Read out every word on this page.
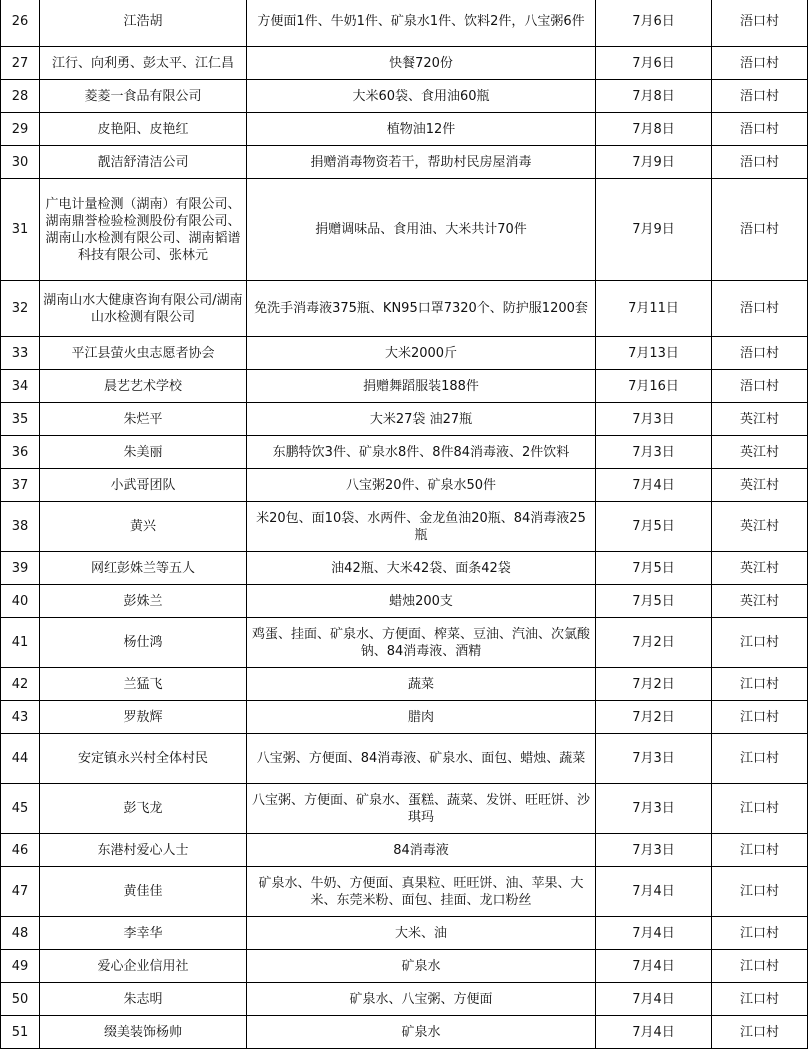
26	江浩胡	方便面1件、牛奶1件、矿泉水1件、饮料2件，八宝粥6件	7月6日	浯口村
27	江行、向利勇、彭太平、江仁昌	快餐720份	7月6日	浯口村
28	菱菱一食品有限公司	大米60袋、食用油60瓶	7月8日	浯口村
29	皮艳阳、皮艳红	植物油12件	7月8日	浯口村
30	靓洁舒清洁公司	捐赠消毒物资若干，帮助村民房屋消毒	7月9日	浯口村
31	广电计量检测（湖南）有限公司、湖南鼎誉检验检测股份有限公司、湖南山水检测有限公司、湖南韬谱科技有限公司、张林元	捐赠调味品、食用油、大米共计70件	7月9日	浯口村
32	湖南山水大健康咨询有限公司/湖南山水检测有限公司	免洗手消毒液375瓶、KN95口罩7320个、防护服1200套	7月11日	浯口村
33	平江县萤火虫志愿者协会	大米2000斤	7月13日	浯口村
34	晨艺艺术学校	捐赠舞蹈服装188件	7月16日	浯口村
35	朱烂平	大米27袋 油27瓶	7月3日	英江村
36	朱美丽	东鹏特饮3件、矿泉水8件、8件84消毒液、2件饮料	7月3日	英江村
37	小武哥团队	八宝粥20件、矿泉水50件	7月4日	英江村
38	黄兴	米20包、面10袋、水两件、金龙鱼油20瓶、84消毒液25瓶	7月5日	英江村
39	网红彭姝兰等五人	油42瓶、大米42袋、面条42袋	7月5日	英江村
40	彭姝兰	蜡烛200支	7月5日	英江村
41	杨仕鸿	鸡蛋、挂面、矿泉水、方便面、榨菜、豆油、汽油、次氯酸钠、84消毒液、酒精	7月2日	江口村
42	兰猛飞	蔬菜	7月2日	江口村
43	罗敖辉	腊肉	7月2日	江口村
44	安定镇永兴村全体村民	八宝粥、方便面、84消毒液、矿泉水、面包、蜡烛、蔬菜	7月3日	江口村
45	彭飞龙	八宝粥、方便面、矿泉水、蛋糕、蔬菜、发饼、旺旺饼、沙琪玛	7月3日	江口村
46	东港村爱心人士	84消毒液	7月3日	江口村
47	黄佳佳	矿泉水、牛奶、方便面、真果粒、旺旺饼、油、苹果、大米、东莞米粉、面包、挂面、龙口粉丝	7月4日	江口村
48	李幸华	大米、油	7月4日	江口村
49	爱心企业信用社	矿泉水	7月4日	江口村
50	朱志明	矿泉水、八宝粥、方便面	7月4日	江口村
51	缀美装饰杨帅	矿泉水	7月4日	江口村
